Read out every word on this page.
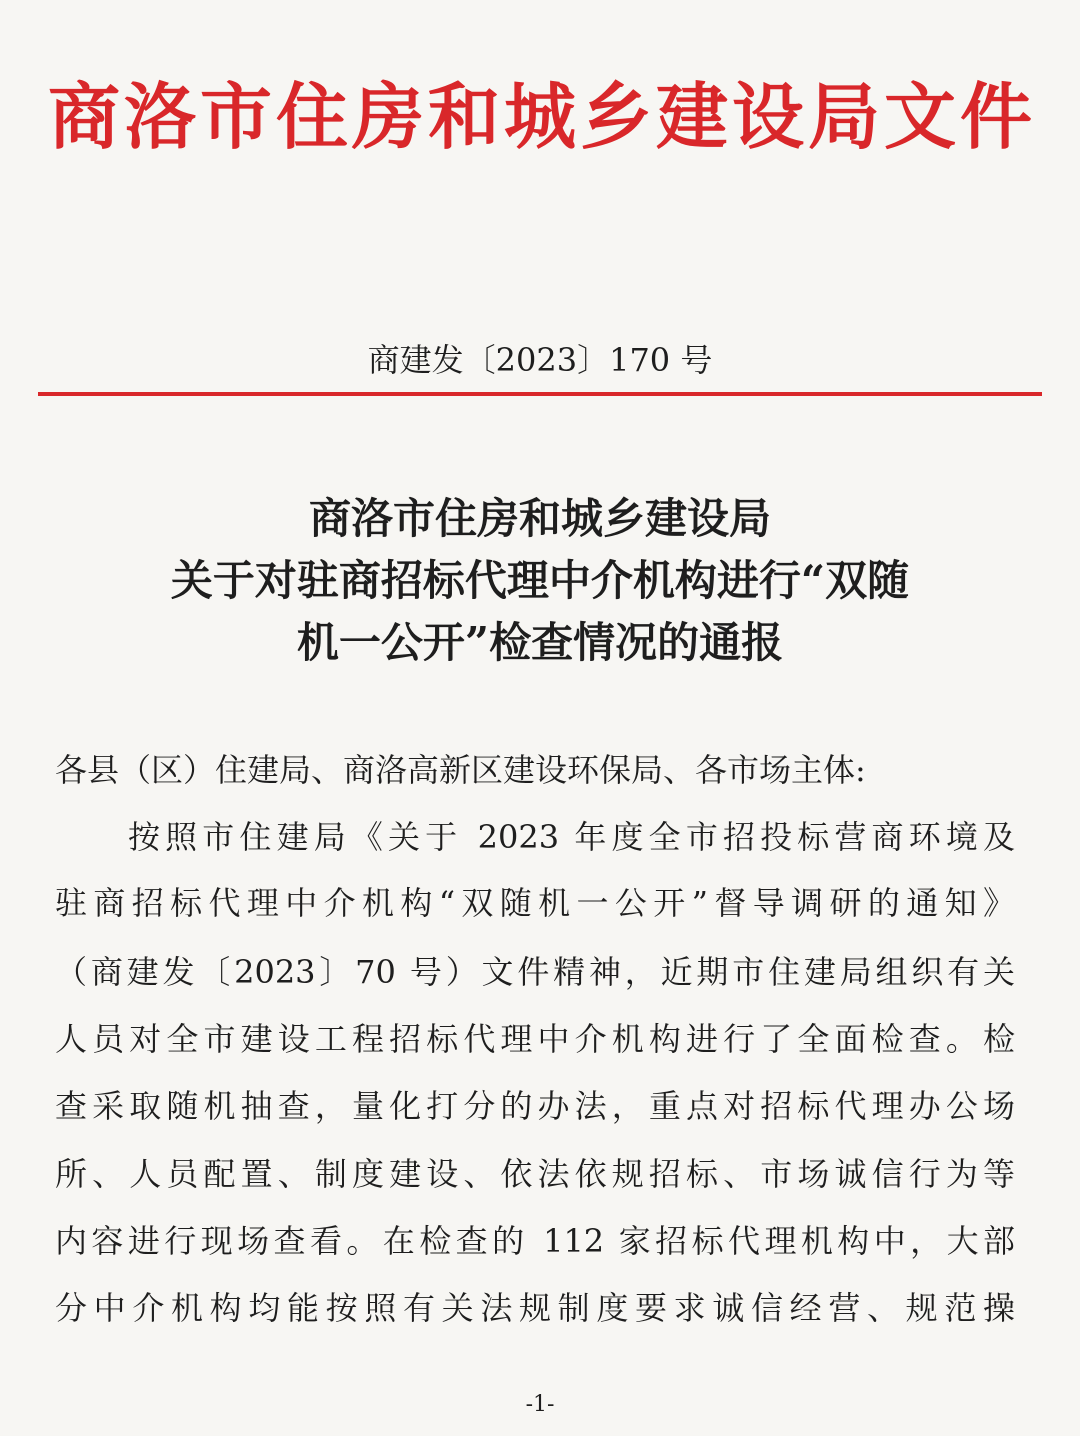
商洛市住房和城乡建设局文件
商建发〔2023〕170 号
商洛市住房和城乡建设局
关于对驻商招标代理中介机构进行“双随
机一公开”检查情况的通报
各县（区）住建局、商洛高新区建设环保局、各市场主体:
按照市住建局《关于 2023 年度全市招投标营商环境及
驻商招标代理中介机构“双随机一公开”督导调研的通知》
（商建发〔2023〕70 号）文件精神，近期市住建局组织有关
人员对全市建设工程招标代理中介机构进行了全面检查。检
查采取随机抽查，量化打分的办法，重点对招标代理办公场
所、人员配置、制度建设、依法依规招标、市场诚信行为等
内容进行现场查看。在检查的 112 家招标代理机构中，大部
分中介机构均能按照有关法规制度要求诚信经营、规范操
-1-
